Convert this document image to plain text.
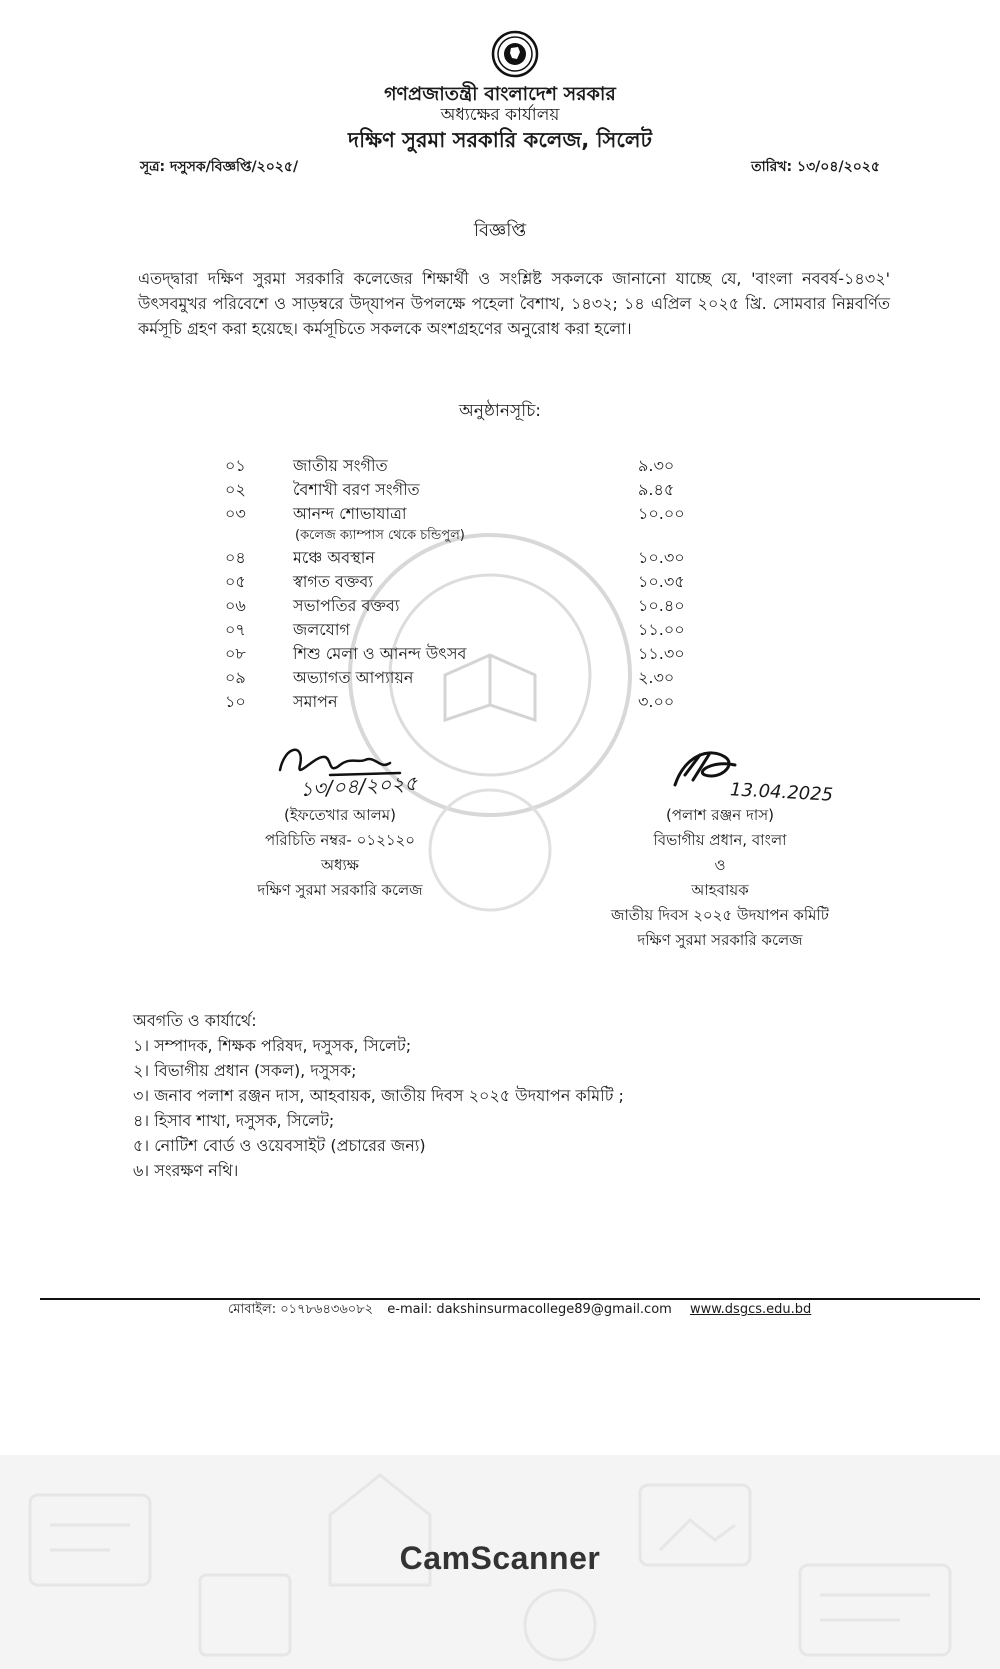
গণপ্রজাতন্ত্রী বাংলাদেশ সরকার
অধ্যক্ষের কার্যালয়
দক্ষিণ সুরমা সরকারি কলেজ, সিলেট
সূত্র: দসুসক/বিজ্ঞপ্তি/২০২৫/	তারিখ: ১৩/০৪/২০২৫
বিজ্ঞপ্তি
এতদ্দ্বারা দক্ষিণ সুরমা সরকারি কলেজের শিক্ষার্থী ও সংশ্লিষ্ট সকলকে জানানো যাচ্ছে যে, 'বাংলা নববর্ষ-১৪৩২' উৎসবমুখর পরিবেশে ও সাড়ম্বরে উদ্‌যাপন উপলক্ষে পহেলা বৈশাখ, ১৪৩২; ১৪ এপ্রিল ২০২৫ খ্রি. সোমবার নিম্নবর্ণিত কর্মসূচি গ্রহণ করা হয়েছে। কর্মসূচিতে সকলকে অংশগ্রহণের অনুরোধ করা হলো।
অনুষ্ঠানসূচি:
০১	জাতীয় সংগীত	৯.৩০
০২	বৈশাখী বরণ সংগীত	৯.৪৫
০৩	আনন্দ শোভাযাত্রা	১০.০০
(কলেজ ক্যাম্পাস থেকে চন্ডিপুল)
০৪	মঞ্চে অবস্থান	১০.৩০
০৫	স্বাগত বক্তব্য	১০.৩৫
০৬	সভাপতির বক্তব্য	১০.৪০
০৭	জলযোগ	১১.০০
০৮	শিশু মেলা ও আনন্দ উৎসব	১১.৩০
০৯	অভ্যাগত আপ্যায়ন	২.৩০
১০	সমাপন	৩.০০
১৩/০৪/২০২৫
(ইফতেখার আলম)
পরিচিতি নম্বর- ০১২১২০
অধ্যক্ষ
দক্ষিণ সুরমা সরকারি কলেজ
13.04.2025
(পলাশ রঞ্জন দাস)
বিভাগীয় প্রধান, বাংলা
ও
আহবায়ক
জাতীয় দিবস ২০২৫ উদযাপন কমিটি
দক্ষিণ সুরমা সরকারি কলেজ
অবগতি ও কার্যার্থে:
১। সম্পাদক, শিক্ষক পরিষদ, দসুসক, সিলেট;
২। বিভাগীয় প্রধান (সকল), দসুসক;
৩। জনাব পলাশ রঞ্জন দাস, আহবায়ক, জাতীয় দিবস ২০২৫ উদযাপন কমিটি ;
৪। হিসাব শাখা, দসুসক, সিলেট;
৫। নোটিশ বোর্ড ও ওয়েবসাইট (প্রচারের জন্য)
৬। সংরক্ষণ নথি।
মোবাইল: ০১৭৮৬৪৩৬০৮২ e-mail: dakshinsurmacollege89@gmail.com www.dsgcs.edu.bd
CamScanner
